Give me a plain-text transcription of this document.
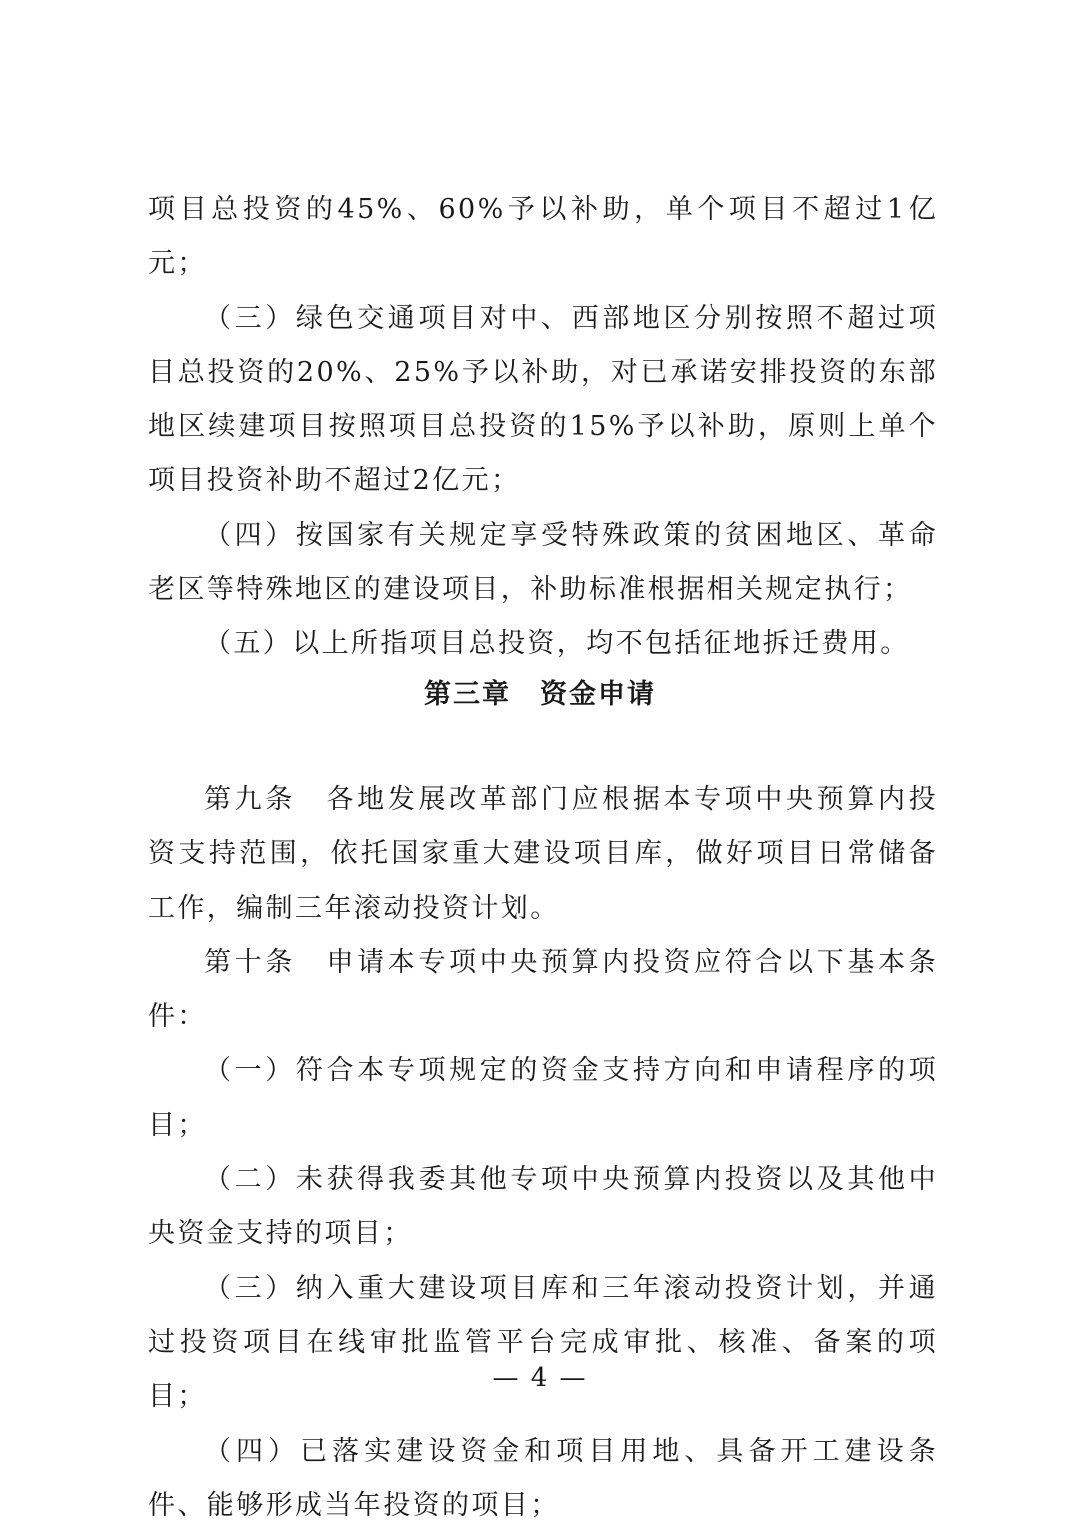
项目总投资的45%、60%予以补助，单个项目不超过1亿元；

（三）绿色交通项目对中、西部地区分别按照不超过项目总投资的20%、25%予以补助，对已承诺安排投资的东部地区续建项目按照项目总投资的15%予以补助，原则上单个项目投资补助不超过2亿元；

（四）按国家有关规定享受特殊政策的贫困地区、革命老区等特殊地区的建设项目，补助标准根据相关规定执行；

（五）以上所指项目总投资，均不包括征地拆迁费用。

第三章　资金申请

第九条　各地发展改革部门应根据本专项中央预算内投资支持范围，依托国家重大建设项目库，做好项目日常储备工作，编制三年滚动投资计划。

第十条　申请本专项中央预算内投资应符合以下基本条件：

（一）符合本专项规定的资金支持方向和申请程序的项目；

（二）未获得我委其他专项中央预算内投资以及其他中央资金支持的项目；

（三）纳入重大建设项目库和三年滚动投资计划，并通过投资项目在线审批监管平台完成审批、核准、备案的项目；

（四）已落实建设资金和项目用地、具备开工建设条件、能够形成当年投资的项目；

— 4 —
